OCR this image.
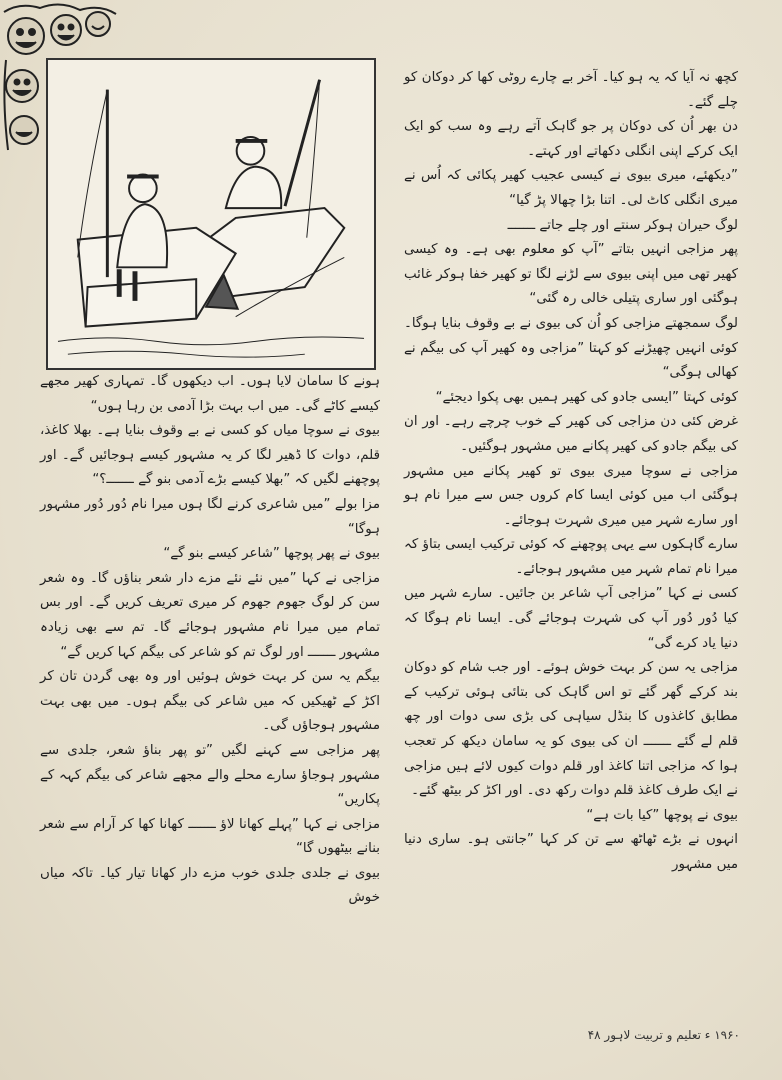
کچھ نہ آیا کہ یہ ہو کیا۔ آخر بے چارے روٹی کھا کر دوکان کو چلے گئے۔

دن بھر اُن کی دوکان پر جو گاہک آتے رہے وہ سب کو ایک ایک کرکے اپنی انگلی دکھاتے اور کہتے۔

”دیکھئے، میری بیوی نے کیسی عجیب کھیر پکائی کہ اُس نے میری انگلی کاٹ لی۔ اتنا بڑا چھالا پڑ گیا“

لوگ حیران ہوکر سنتے اور چلے جاتے ـــــــ

پھر مزاجی انہیں بتاتے ”آپ کو معلوم بھی ہے۔ وہ کیسی کھیر تھی میں اپنی بیوی سے لڑنے لگا تو کھیر خفا ہوکر غائب ہوگئی اور ساری پتیلی خالی رہ گئی“

لوگ سمجھتے مزاجی کو اُن کی بیوی نے بے وقوف بنایا ہوگا۔ کوئی انہیں چھیڑنے کو کہتا ”مزاجی وہ کھیر آپ کی بیگم نے کھالی ہوگی“

کوئی کہتا ”ایسی جادو کی کھیر ہمیں بھی پکوا دیجئے“

غرض کئی دن مزاجی کی کھیر کے خوب چرچے رہے۔ اور ان کی بیگم جادو کی کھیر پکانے میں مشہور ہوگئیں۔

مزاجی نے سوچا میری بیوی تو کھیر پکانے میں مشہور ہوگئی اب میں کوئی ایسا کام کروں جس سے میرا نام ہو اور سارے شہر میں میری شہرت ہوجائے۔

سارے گاہکوں سے یہی پوچھنے کہ کوئی ترکیب ایسی بتاؤ کہ میرا نام تمام شہر میں مشہور ہوجائے۔

کسی نے کہا ”مزاجی آپ شاعر بن جائیں۔ سارے شہر میں کیا دُور دُور آپ کی شہرت ہوجائے گی۔ ایسا نام ہوگا کہ دنیا یاد کرے گی“

مزاجی یہ سن کر بہت خوش ہوئے۔ اور جب شام کو دوکان بند کرکے گھر گئے تو اس گاہک کی بتائی ہوئی ترکیب کے مطابق کاغذوں کا بنڈل سیاہی کی بڑی سی دوات اور چھ قلم لے گئے ـــــــ ان کی بیوی کو یہ سامان دیکھ کر تعجب ہوا کہ مزاجی اتنا کاغذ اور قلم دوات کیوں لائے ہیں مزاجی نے ایک طرف کاغذ قلم دوات رکھ دی۔ اور اکڑ کر بیٹھ گئے۔

بیوی نے پوچھا ”کیا بات ہے“

انہوں نے بڑے ٹھاٹھ سے تن کر کہا ”جانتی ہو۔ ساری دنیا میں مشہور

ہونے کا سامان لایا ہوں۔ اب دیکھوں گا۔ تمہاری کھیر مجھے کیسے کاٹے گی۔ میں اب بہت بڑا آدمی بن رہا ہوں“

بیوی نے سوچا میاں کو کسی نے بے وقوف بنایا ہے۔ بھلا کاغذ، قلم، دوات کا ڈھیر لگا کر یہ مشہور کیسے ہوجائیں گے۔ اور پوچھنے لگیں کہ ”بھلا کیسے بڑے آدمی بنو گے ـــــــ؟“

مزا بولے ”میں شاعری کرنے لگا ہوں میرا نام دُور دُور مشہور ہوگا“

بیوی نے پھر پوچھا ”شاعر کیسے بنو گے“

مزاجی نے کہا ”میں نئے نئے مزے دار شعر بناؤں گا۔ وہ شعر سن کر لوگ جھوم جھوم کر میری تعریف کریں گے۔ اور بس تمام میں میرا نام مشہور ہوجائے گا۔ تم سے بھی زیادہ مشہور ـــــــ اور لوگ تم کو شاعر کی بیگم کہا کریں گے“

بیگم یہ سن کر بہت خوش ہوئیں اور وہ بھی گردن تان کر اکڑ کے ٹھیکیں کہ میں شاعر کی بیگم ہوں۔ میں بھی بہت مشہور ہوجاؤں گی۔

پھر مزاجی سے کہنے لگیں ”تو پھر بناؤ شعر، جلدی سے مشہور ہوجاؤ سارے محلے والے مجھے شاعر کی بیگم کہہ کے پکاریں“

مزاجی نے کہا ”پہلے کھانا لاؤ ـــــــ کھانا کھا کر آرام سے شعر بنانے بیٹھوں گا“

بیوی نے جلدی جلدی خوب مزے دار کھانا تیار کیا۔ تاکہ میاں خوش

۱۹۶۰ ء تعلیم و تربیت لاہور ۴۸
